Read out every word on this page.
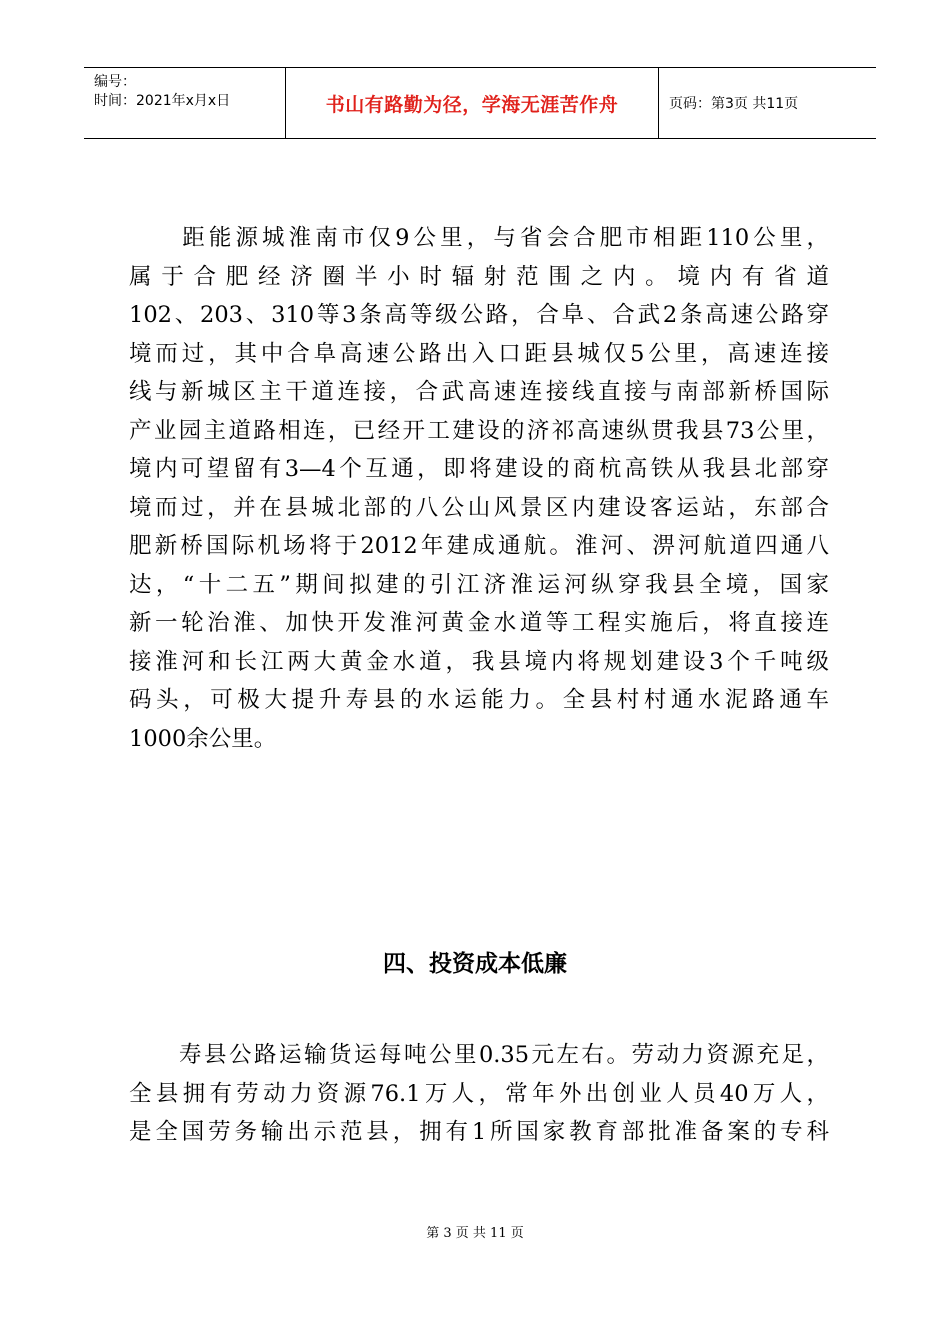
编号：
时间：2021年x月x日	书山有路勤为径，学海无涯苦作舟	页码：第3页 共11页
　　距能源城淮南市仅9公里，与省会合肥市相距110公里，
属于合肥经济圈半小时辐射范围之内。境内有省道
102、203、310等3条高等级公路，合阜、合武2条高速公路穿
境而过，其中合阜高速公路出入口距县城仅5公里，高速连接
线与新城区主干道连接，合武高速连接线直接与南部新桥国际
产业园主道路相连，已经开工建设的济祁高速纵贯我县73公里，
境内可望留有3—4个互通，即将建设的商杭高铁从我县北部穿
境而过，并在县城北部的八公山风景区内建设客运站，东部合
肥新桥国际机场将于2012年建成通航。淮河、淠河航道四通八
达，“十二五”期间拟建的引江济淮运河纵穿我县全境，国家
新一轮治淮、加快开发淮河黄金水道等工程实施后，将直接连
接淮河和长江两大黄金水道，我县境内将规划建设3个千吨级
码头，可极大提升寿县的水运能力。全县村村通水泥路通车
1000余公里。
四、投资成本低廉
　　寿县公路运输货运每吨公里0.35元左右。劳动力资源充足，
全县拥有劳动力资源76.1万人，常年外出创业人员40万人，
是全国劳务输出示范县，拥有1所国家教育部批准备案的专科
第 3 页 共 11 页
